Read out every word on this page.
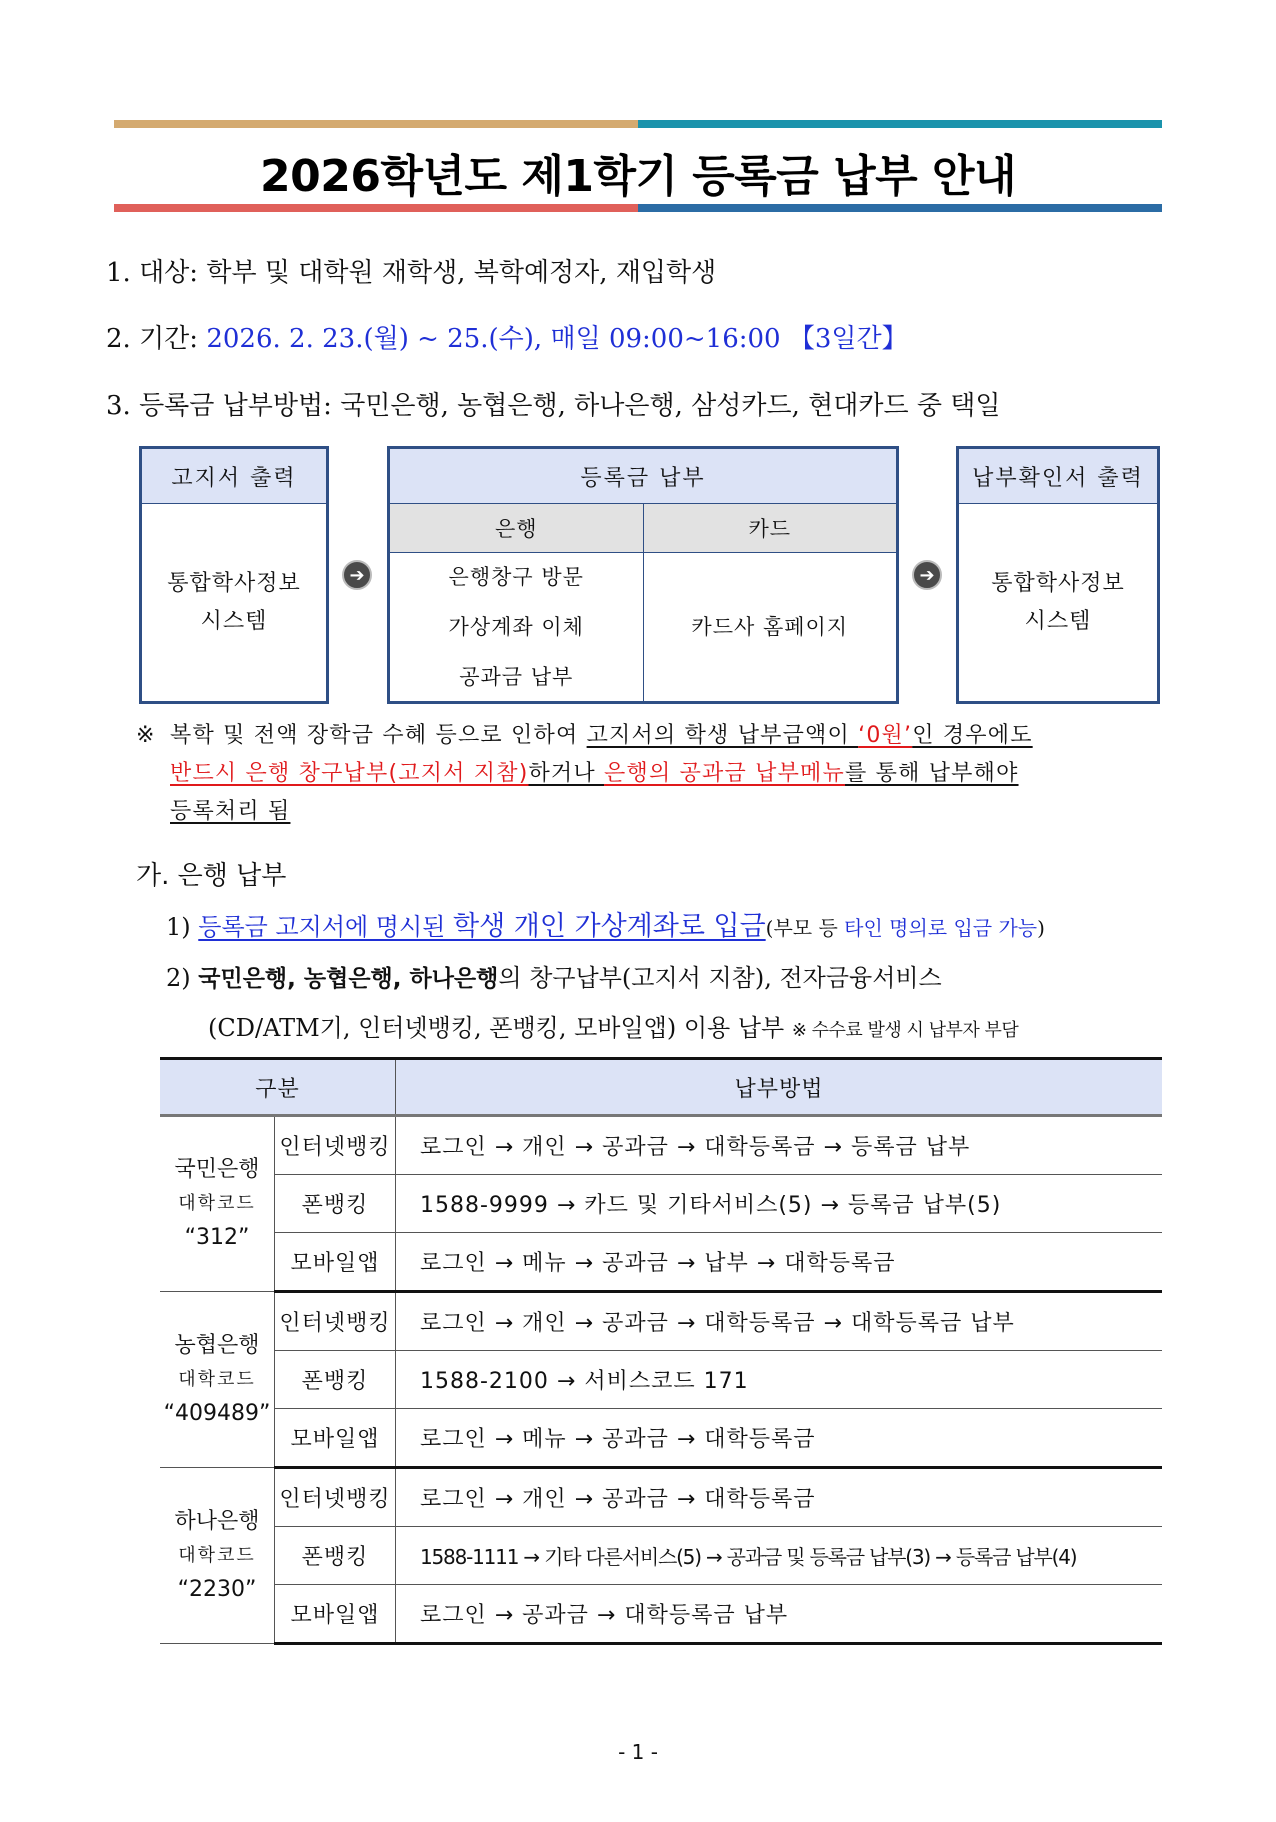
2026학년도 제1학기 등록금 납부 안내
1. 대상: 학부 및 대학원 재학생, 복학예정자, 재입학생
2. 기간: 2026. 2. 23.(월) ~ 25.(수), 매일 09:00~16:00 【3일간】
3. 등록금 납부방법: 국민은행, 농협은행, 하나은행, 삼성카드, 현대카드 중 택일
고지서 출력
통합학사정보
시스템
➔
등록금 납부
은행	카드
은행창구 방문
가상계좌 이체
공과금 납부
카드사 홈페이지
➔
납부확인서 출력
통합학사정보
시스템
※ 복학 및 전액 장학금 수혜 등으로 인하여 고지서의 학생 납부금액이 ‘0원’인 경우에도
반드시 은행 창구납부(고지서 지참)하거나 은행의 공과금 납부메뉴를 통해 납부해야
등록처리 됨
가. 은행 납부
1) 등록금 고지서에 명시된 학생 개인 가상계좌로 입금(부모 등 타인 명의로 입금 가능)
2) 국민은행, 농협은행, 하나은행의 창구납부(고지서 지참), 전자금융서비스
(CD/ATM기, 인터넷뱅킹, 폰뱅킹, 모바일앱) 이용 납부 ※ 수수료 발생 시 납부자 부담
구분		납부방법

국민은행
대학코드
“312”	인터넷뱅킹	로그인 → 개인 → 공과금 → 대학등록금 → 등록금 납부
	폰뱅킹	1588-9999 → 카드 및 기타서비스(5) → 등록금 납부(5)
	모바일앱	로그인 → 메뉴 → 공과금 → 납부 → 대학등록금

농협은행
대학코드
“409489”	인터넷뱅킹	로그인 → 개인 → 공과금 → 대학등록금 → 대학등록금 납부
	폰뱅킹	1588-2100 → 서비스코드 171
	모바일앱	로그인 → 메뉴 → 공과금 → 대학등록금

하나은행
대학코드
“2230”	인터넷뱅킹	로그인 → 개인 → 공과금 → 대학등록금
	폰뱅킹	1588-1111 → 기타 다른서비스(5) → 공과금 및 등록금 납부(3) → 등록금 납부(4)
	모바일앱	로그인 → 공과금 → 대학등록금 납부
- 1 -
